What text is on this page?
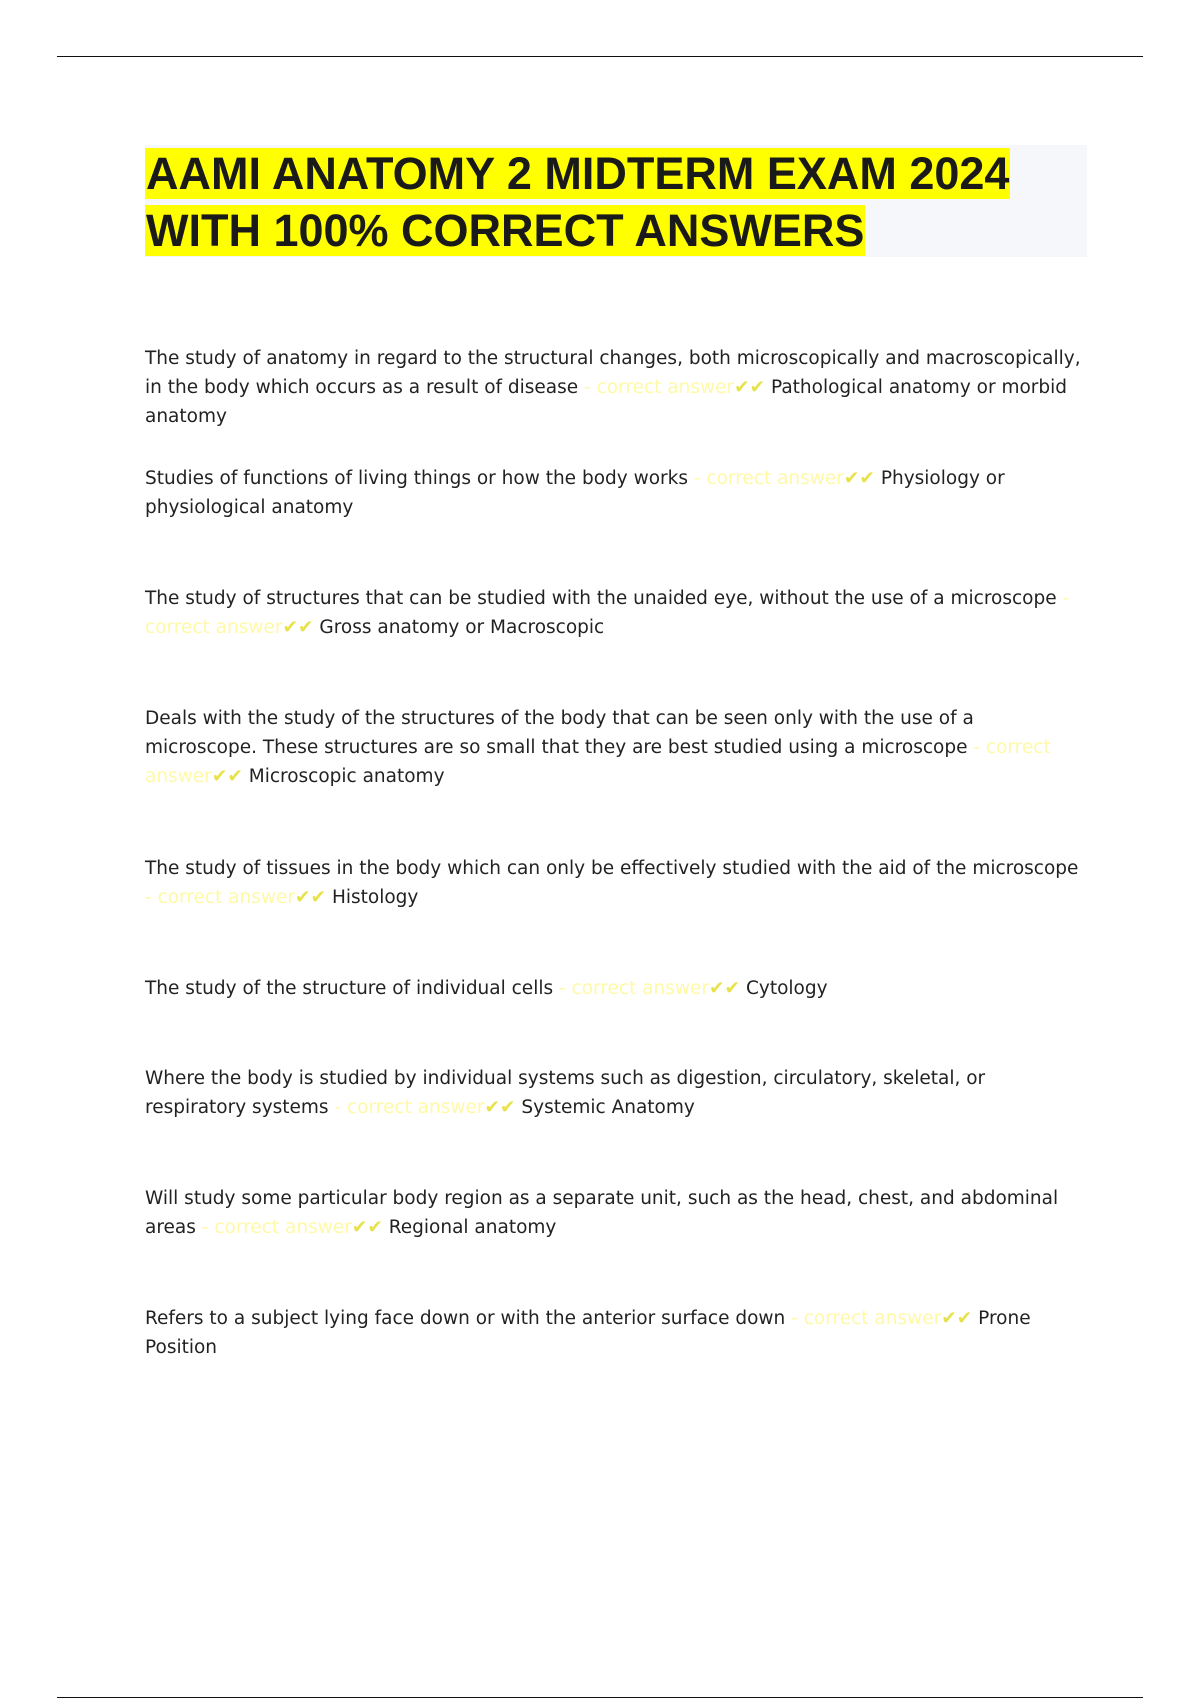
AAMI ANATOMY 2 MIDTERM EXAM 2024
WITH 100% CORRECT ANSWERS
The study of anatomy in regard to the structural changes, both microscopically and macroscopically, in the body which occurs as a result of disease - correct answer✔✔ Pathological anatomy or morbid anatomy
Studies of functions of living things or how the body works - correct answer✔✔ Physiology or physiological anatomy
The study of structures that can be studied with the unaided eye, without the use of a microscope - correct answer✔✔ Gross anatomy or Macroscopic
Deals with the study of the structures of the body that can be seen only with the use of a microscope. These structures are so small that they are best studied using a microscope - correct answer✔✔ Microscopic anatomy
The study of tissues in the body which can only be effectively studied with the aid of the microscope - correct answer✔✔ Histology
The study of the structure of individual cells - correct answer✔✔ Cytology
Where the body is studied by individual systems such as digestion, circulatory, skeletal, or respiratory systems - correct answer✔✔ Systemic Anatomy
Will study some particular body region as a separate unit, such as the head, chest, and abdominal areas - correct answer✔✔ Regional anatomy
Refers to a subject lying face down or with the anterior surface down - correct answer✔✔ Prone Position
